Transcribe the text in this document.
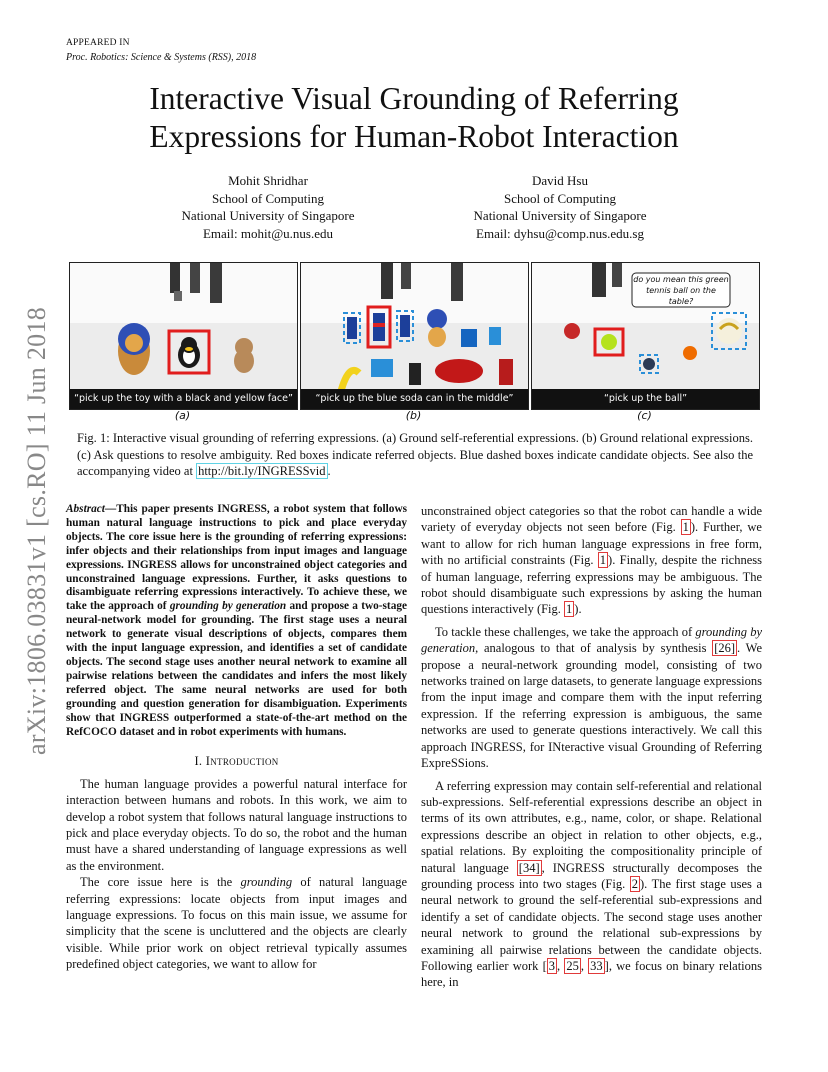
APPEARED IN
Proc. Robotics: Science & Systems (RSS), 2018
Interactive Visual Grounding of Referring
Expressions for Human-Robot Interaction
Mohit Shridhar
School of Computing
National University of Singapore
Email: mohit@u.nus.edu
David Hsu
School of Computing
National University of Singapore
Email: dyhsu@comp.nus.edu.sg
arXiv:1806.03831v1 [cs.RO] 11 Jun 2018	“pick up the toy with a black and yellow face”
(a)
“pick up the blue soda can in the middle”
(b)
do you mean this green tennis ball on the table?
“pick up the ball”
(c)
Fig. 1: Interactive visual grounding of referring expressions. (a) Ground self-referential expressions. (b) Ground relational expressions. (c) Ask questions to resolve ambiguity. Red boxes indicate referred objects. Blue dashed boxes indicate candidate objects. See also the accompanying video at http://bit.ly/INGRESSvid .
Abstract—This paper presents INGRESS, a robot system that follows human natural language instructions to pick and place everyday objects. The core issue here is the grounding of referring expressions: infer objects and their relationships from input images and language expressions. INGRESS allows for unconstrained object categories and unconstrained language expressions. Further, it asks questions to disambiguate referring expressions interactively. To achieve these, we take the approach of grounding by generation and propose a two-stage neural-network model for grounding. The first stage uses a neural network to generate visual descriptions of objects, compares them with the input language expression, and identifies a set of candidate objects. The second stage uses another neural network to examine all pairwise relations between the candidates and infers the most likely referred object. The same neural networks are used for both grounding and question generation for disambiguation. Experiments show that INGRESS outperformed a state-of-the-art method on the RefCOCO dataset and in robot experiments with humans.
I. Introduction

The human language provides a powerful natural interface for interaction between humans and robots. In this work, we aim to develop a robot system that follows natural language instructions to pick and place everyday objects. To do so, the robot and the human must have a shared understanding of language expressions as well as the environment.

The core issue here is the grounding of natural language referring expressions: locate objects from input images and language expressions. To focus on this main issue, we assume for simplicity that the scene is uncluttered and the objects are clearly visible. While prior work on object retrieval typically assumes predefined object categories, we want to allow for

unconstrained object categories so that the robot can handle a wide variety of everyday objects not seen before (Fig. 1 ). Further, we want to allow for rich human language expressions in free form, with no artificial constraints (Fig. 1 ). Finally, despite the richness of human language, referring expressions may be ambiguous. The robot should disambiguate such expressions by asking the human questions interactively (Fig. 1 ).

To tackle these challenges, we take the approach of grounding by generation, analogous to that of analysis by synthesis [26] . We propose a neural-network grounding model, consisting of two networks trained on large datasets, to generate language expressions from the input image and compare them with the input referring expression. If the referring expression is ambiguous, the same networks are used to generate questions interactively. We call this approach INGRESS, for INteractive visual Grounding of Referring ExpreSSions.

A referring expression may contain self-referential and relational sub-expressions. Self-referential expressions describe an object in terms of its own attributes, e.g., name, color, or shape. Relational expressions describe an object in relation to other objects, e.g., spatial relations. By exploiting the compositionality principle of natural language [34] , INGRESS structurally decomposes the grounding process into two stages (Fig. 2 ). The first stage uses a neural network to ground the self-referential sub-expressions and identify a set of candidate objects. The second stage uses another neural network to ground the relational sub-expressions by examining all pairwise relations between the candidate objects. Following earlier work [ 3 , 25 , 33 ], we focus on binary relations here, in
